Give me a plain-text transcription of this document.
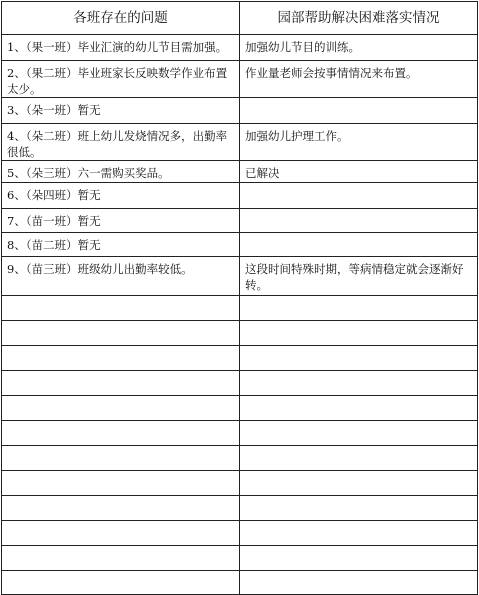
各班存在的问题	园部帮助解决困难落实情况

1、（果一班）毕业汇演的幼儿节目需加强。	加强幼儿节目的训练。

2、（果二班）毕业班家长反映数学作业布置太少。	作业量老师会按事情情况来布置。

3、（朵一班）暂无	

4、（朵二班）班上幼儿发烧情况多，出勤率很低。	加强幼儿护理工作。

5、（朵三班）六一需购买奖品。	已解决

6、（朵四班）暂无	

7、（苗一班）暂无	

8、（苗二班）暂无	

9、（苗三班）班级幼儿出勤率较低。	这段时间特殊时期，等病情稳定就会逐渐好转。
